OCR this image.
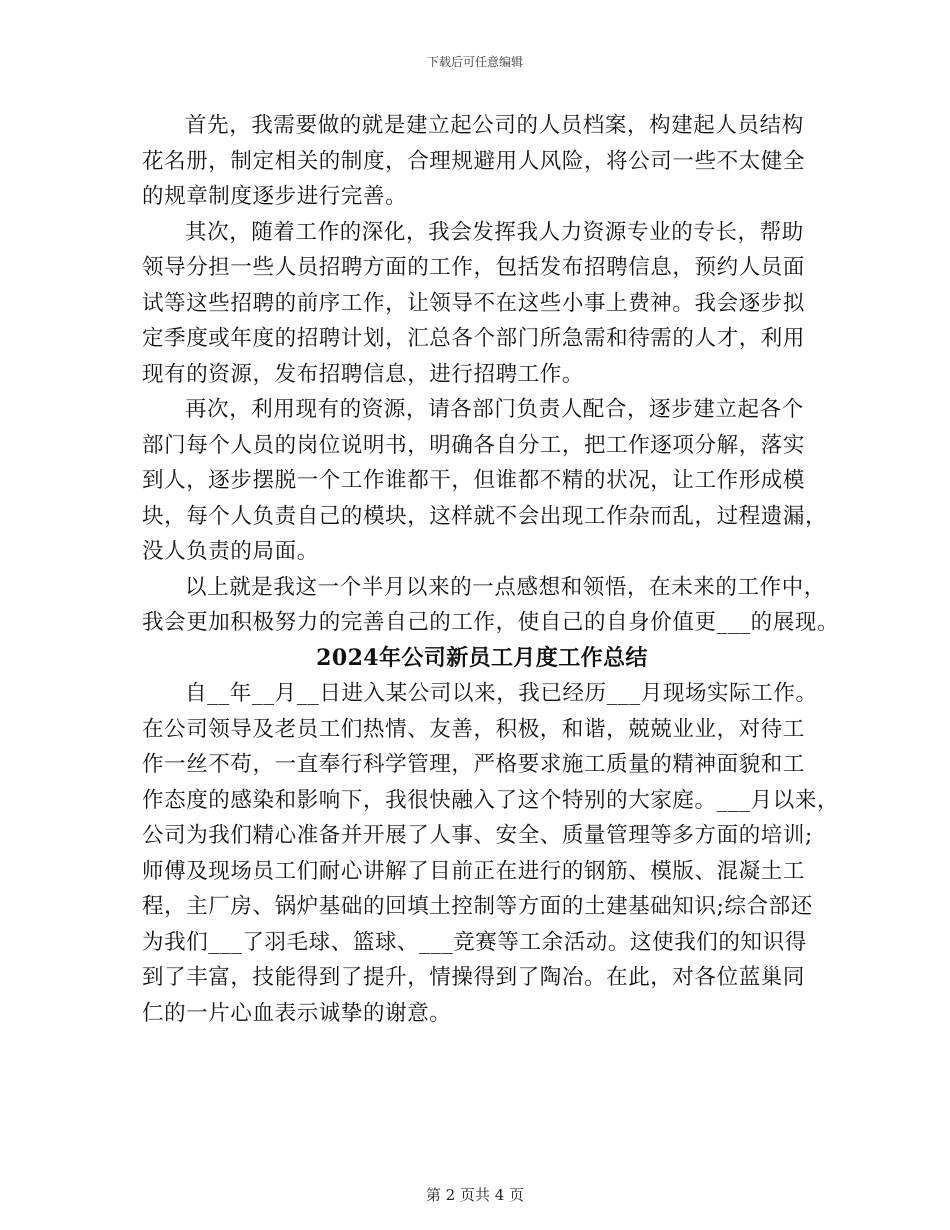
下载后可任意编辑
首先，我需要做的就是建立起公司的人员档案，构建起人员结构
花名册，制定相关的制度，合理规避用人风险，将公司一些不太健全
的规章制度逐步进行完善。
其次，随着工作的深化，我会发挥我人力资源专业的专长，帮助
领导分担一些人员招聘方面的工作，包括发布招聘信息，预约人员面
试等这些招聘的前序工作，让领导不在这些小事上费神。我会逐步拟
定季度或年度的招聘计划，汇总各个部门所急需和待需的人才，利用
现有的资源，发布招聘信息，进行招聘工作。
再次，利用现有的资源，请各部门负责人配合，逐步建立起各个
部门每个人员的岗位说明书，明确各自分工，把工作逐项分解，落实
到人，逐步摆脱一个工作谁都干，但谁都不精的状况，让工作形成模
块，每个人负责自己的模块，这样就不会出现工作杂而乱，过程遗漏，
没人负责的局面。
以上就是我这一个半月以来的一点感想和领悟，在未来的工作中，
我会更加积极努力的完善自己的工作，使自己的自身价值更___的展现。
2024年公司新员工月度工作总结
自__年__月__日进入某公司以来，我已经历___月现场实际工作。
在公司领导及老员工们热情、友善，积极，和谐，兢兢业业，对待工
作一丝不苟，一直奉行科学管理，严格要求施工质量的精神面貌和工
作态度的感染和影响下，我很快融入了这个特别的大家庭。___月以来，
公司为我们精心准备并开展了人事、安全、质量管理等多方面的培训;
师傅及现场员工们耐心讲解了目前正在进行的钢筋、模版、混凝土工
程，主厂房、锅炉基础的回填土控制等方面的土建基础知识;综合部还
为我们___了羽毛球、篮球、___竞赛等工余活动。这使我们的知识得
到了丰富，技能得到了提升，情操得到了陶冶。在此，对各位蓝巢同
仁的一片心血表示诚挚的谢意。
第 2 页共 4 页
